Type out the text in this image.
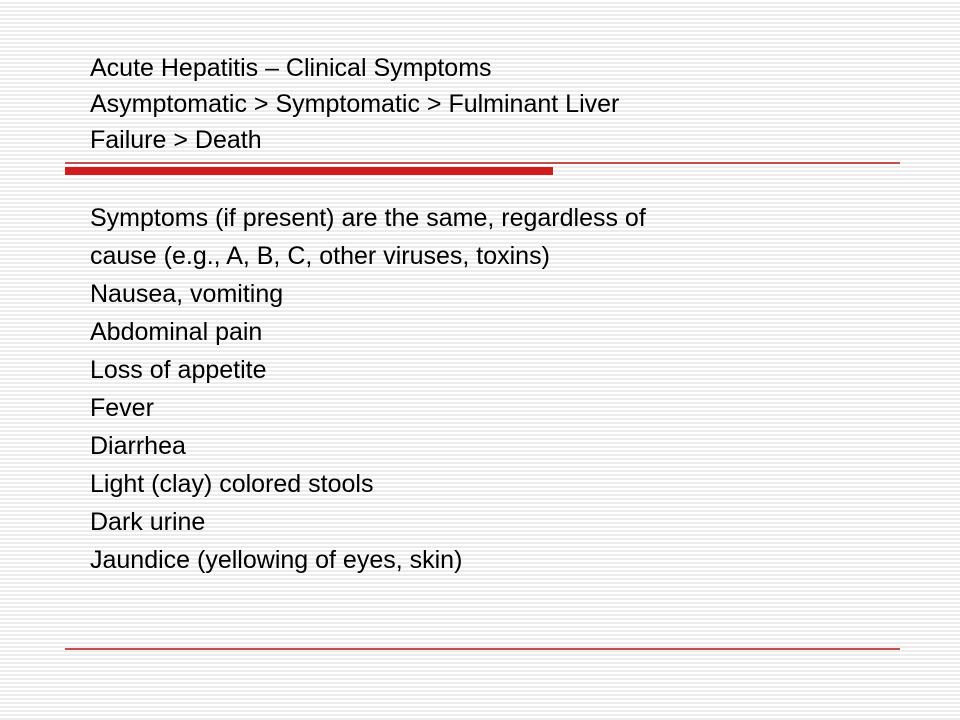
Acute Hepatitis – Clinical Symptoms
Asymptomatic > Symptomatic > Fulminant Liver
Failure > Death
Symptoms (if present) are the same, regardless of
cause (e.g., A, B, C, other viruses, toxins)
Nausea, vomiting
Abdominal pain
Loss of appetite
Fever
Diarrhea
Light (clay) colored stools
Dark urine
Jaundice (yellowing of eyes, skin)
